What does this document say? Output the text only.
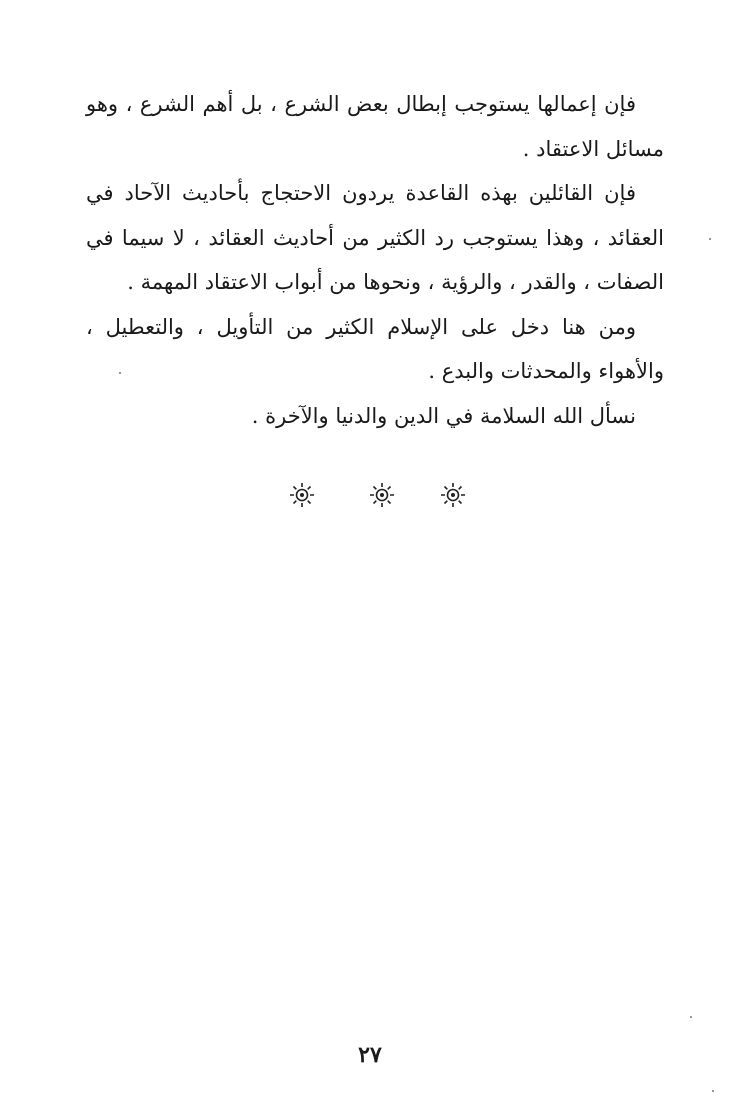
فإن إعمالها يستوجب إبطال بعض الشرع ، بل أهم الشرع ، وهو
مسائل الاعتقاد .

فإن القائلين بهذه القاعدة يردون الاحتجاج بأحاديث الآحاد في
العقائد ، وهذا يستوجب رد الكثير من أحاديث العقائد ، لا سيما في
الصفات ، والقدر ، والرؤية ، ونحوها من أبواب الاعتقاد المهمة .

ومن هنا دخل على الإسلام الكثير من التأويل ، والتعطيل ،
والأهواء والمحدثات والبدع .

نسأل الله السلامة في الدين والدنيا والآخرة .

٢٧
